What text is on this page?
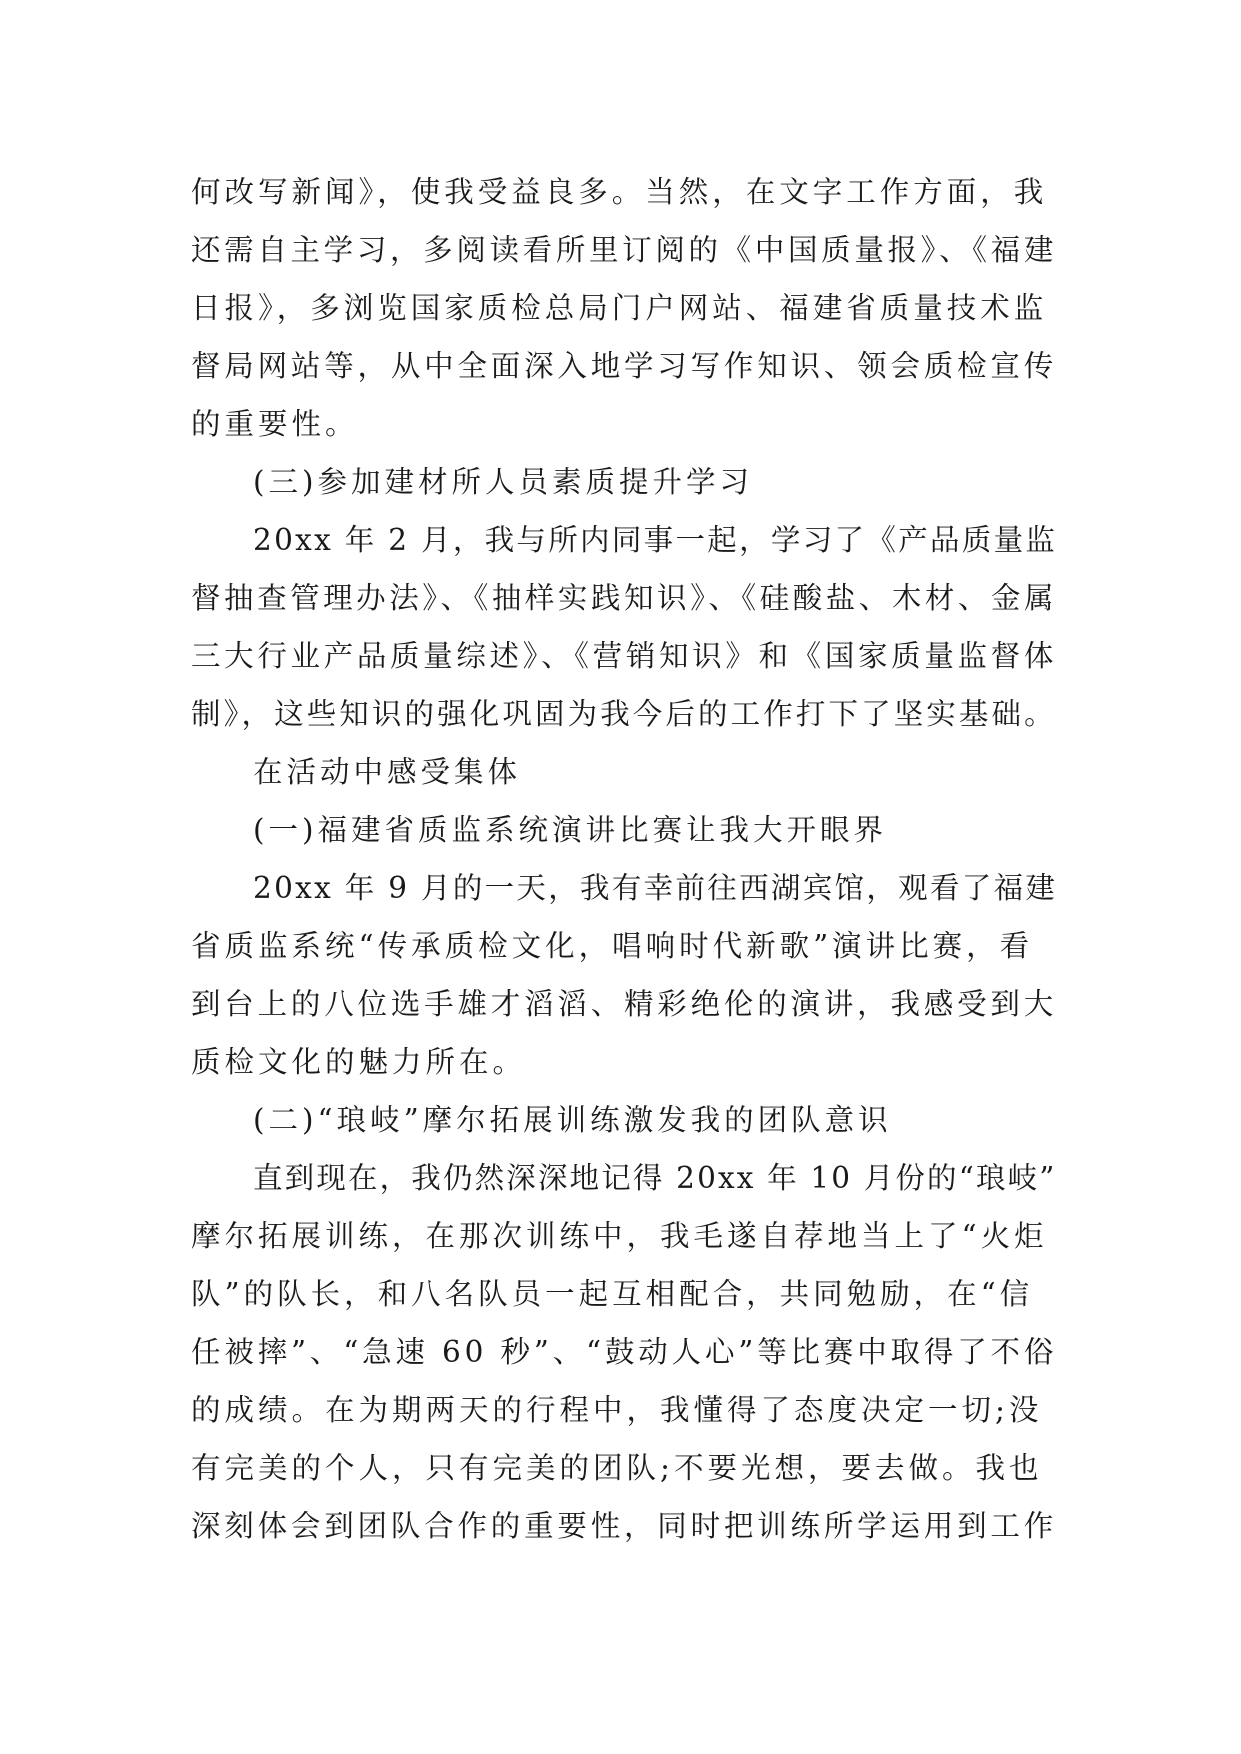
何改写新闻》，使我受益良多。当然，在文字工作方面，我
还需自主学习，多阅读看所里订阅的《中国质量报》、《福建
日报》，多浏览国家质检总局门户网站、福建省质量技术监
督局网站等，从中全面深入地学习写作知识、领会质检宣传
的重要性。
(三)参加建材所人员素质提升学习
20xx 年 2 月，我与所内同事一起，学习了《产品质量监
督抽查管理办法》、《抽样实践知识》、《硅酸盐、木材、金属
三大行业产品质量综述》、《营销知识》和《国家质量监督体
制》，这些知识的强化巩固为我今后的工作打下了坚实基础。
在活动中感受集体
(一)福建省质监系统演讲比赛让我大开眼界
20xx 年 9 月的一天，我有幸前往西湖宾馆，观看了福建
省质监系统“传承质检文化，唱响时代新歌”演讲比赛，看
到台上的八位选手雄才滔滔、精彩绝伦的演讲，我感受到大
质检文化的魅力所在。
(二)“琅岐”摩尔拓展训练激发我的团队意识
直到现在，我仍然深深地记得 20xx 年 10 月份的“琅岐”
摩尔拓展训练，在那次训练中，我毛遂自荐地当上了“火炬
队”的队长，和八名队员一起互相配合，共同勉励，在“信
任被摔”、“急速 60 秒”、“鼓动人心”等比赛中取得了不俗
的成绩。在为期两天的行程中，我懂得了态度决定一切;没
有完美的个人，只有完美的团队;不要光想，要去做。我也
深刻体会到团队合作的重要性，同时把训练所学运用到工作
